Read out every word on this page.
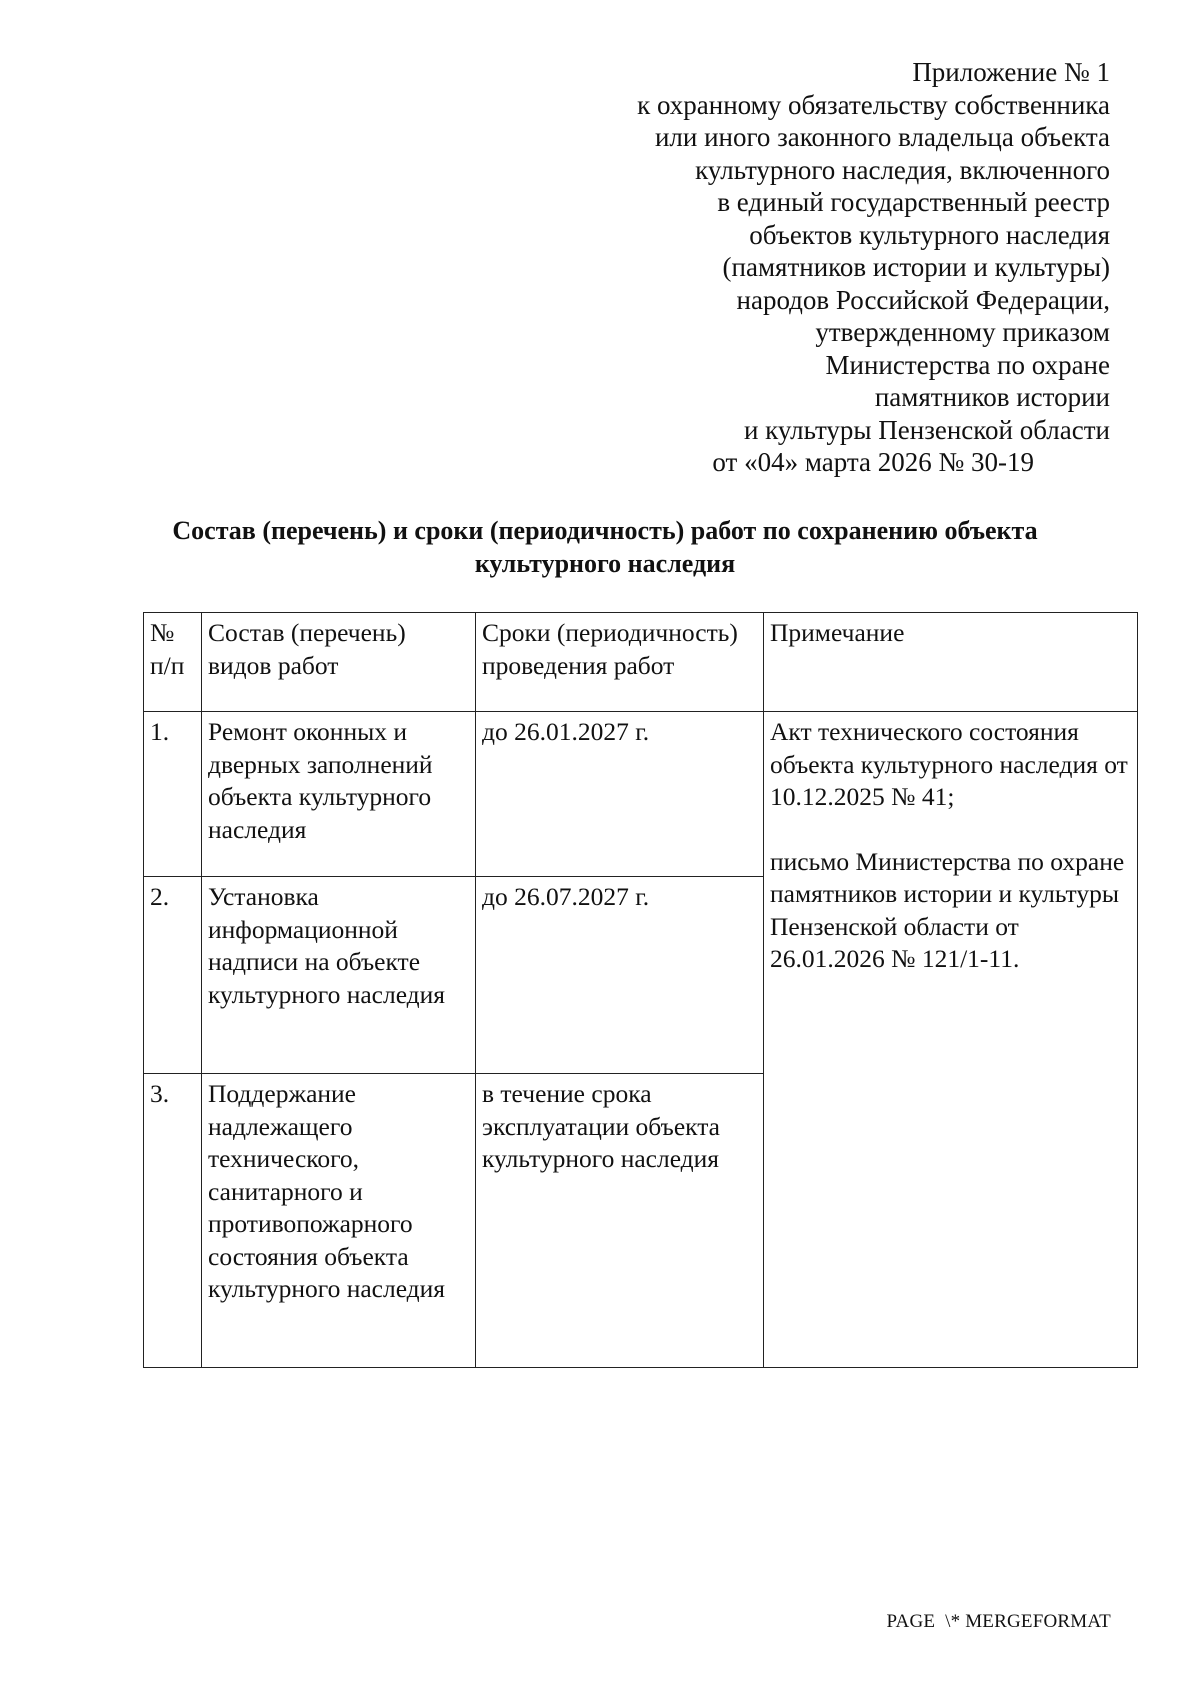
Приложение № 1
к охранному обязательству собственника
или иного законного владельца объекта
культурного наследия, включенного
в единый государственный реестр
объектов культурного наследия
(памятников истории и культуры)
народов Российской Федерации,
утвержденному приказом
Министерства по охране
памятников истории
и культуры Пензенской области
от «04» марта 2026 № 30-19
Состав (перечень) и сроки (периодичность) работ по сохранению объекта
культурного наследия
№ п/п	Состав (перечень) видов работ	Сроки (периодичность) проведения работ	Примечание
1.	Ремонт оконных и дверных заполнений объекта культурного наследия	до 26.01.2027 г.	Акт технического состояния объекта культурного наследия от 10.12.2025 № 41;
письмо Министерства по охране памятников истории и культуры Пензенской области от 26.01.2026 № 121/1-11.

2.	Установка информационной надписи на объекте культурного наследия	до 26.07.2027 г.	
3.	Поддержание надлежащего технического, санитарного и противопожарного состояния объекта культурного наследия	в течение срока эксплуатации объекта культурного наследия	
PAGE  \* MERGEFORMAT
